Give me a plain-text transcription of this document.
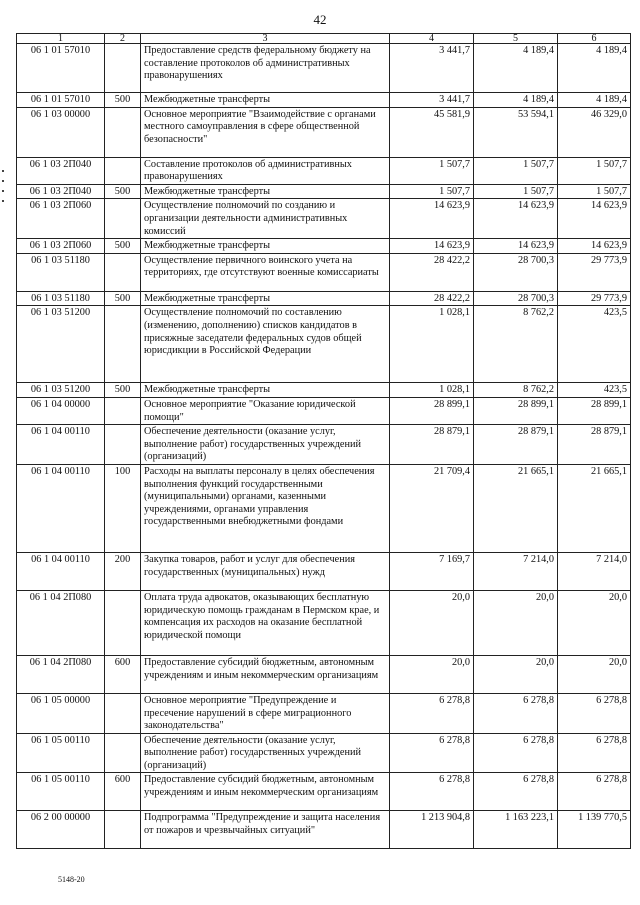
42
1	2	3	4	5	6
06 1 01 57010		Предоставление средств федеральному бюджету на составление протоколов об административных правонарушениях	3 441,7	4 189,4	4 189,4
06 1 01 57010	500	Межбюджетные трансферты	3 441,7	4 189,4	4 189,4
06 1 03 00000		Основное мероприятие "Взаимодействие с органами местного самоуправления в сфере общественной безопасности"	45 581,9	53 594,1	46 329,0
06 1 03 2П040		Составление протоколов об административных правонарушениях	1 507,7	1 507,7	1 507,7
06 1 03 2П040	500	Межбюджетные трансферты	1 507,7	1 507,7	1 507,7
06 1 03 2П060		Осуществление полномочий по созданию и организации деятельности административных комиссий	14 623,9	14 623,9	14 623,9
06 1 03 2П060	500	Межбюджетные трансферты	14 623,9	14 623,9	14 623,9
06 1 03 51180		Осуществление первичного воинского учета на территориях, где отсутствуют военные комиссариаты	28 422,2	28 700,3	29 773,9
06 1 03 51180	500	Межбюджетные трансферты	28 422,2	28 700,3	29 773,9
06 1 03 51200		Осуществление полномочий по составлению (изменению, дополнению) списков кандидатов в присяжные заседатели федеральных судов общей юрисдикции в Российской Федерации	1 028,1	8 762,2	423,5
06 1 03 51200	500	Межбюджетные трансферты	1 028,1	8 762,2	423,5
06 1 04 00000		Основное мероприятие "Оказание юридической помощи"	28 899,1	28 899,1	28 899,1
06 1 04 00110		Обеспечение деятельности (оказание услуг, выполнение работ) государственных учреждений (организаций)	28 879,1	28 879,1	28 879,1
06 1 04 00110	100	Расходы на выплаты персоналу в целях обеспечения выполнения функций государственными (муниципальными) органами, казенными учреждениями, органами управления государственными внебюджетными фондами	21 709,4	21 665,1	21 665,1
06 1 04 00110	200	Закупка товаров, работ и услуг для обеспечения государственных (муниципальных) нужд	7 169,7	7 214,0	7 214,0
06 1 04 2П080		Оплата труда адвокатов, оказывающих бесплатную юридическую помощь гражданам в Пермском крае, и компенсация их расходов на оказание бесплатной юридической помощи	20,0	20,0	20,0
06 1 04 2П080	600	Предоставление субсидий бюджетным, автономным учреждениям и иным некоммерческим организациям	20,0	20,0	20,0
06 1 05 00000		Основное мероприятие "Предупреждение и пресечение нарушений в сфере миграционного законодательства"	6 278,8	6 278,8	6 278,8
06 1 05 00110		Обеспечение деятельности (оказание услуг, выполнение работ) государственных учреждений (организаций)	6 278,8	6 278,8	6 278,8
06 1 05 00110	600	Предоставление субсидий бюджетным, автономным учреждениям и иным некоммерческим организациям	6 278,8	6 278,8	6 278,8
06 2 00 00000		Подпрограмма "Предупреждение и защита населения от пожаров и чрезвычайных ситуаций"	1 213 904,8	1 163 223,1	1 139 770,5
5148-20
